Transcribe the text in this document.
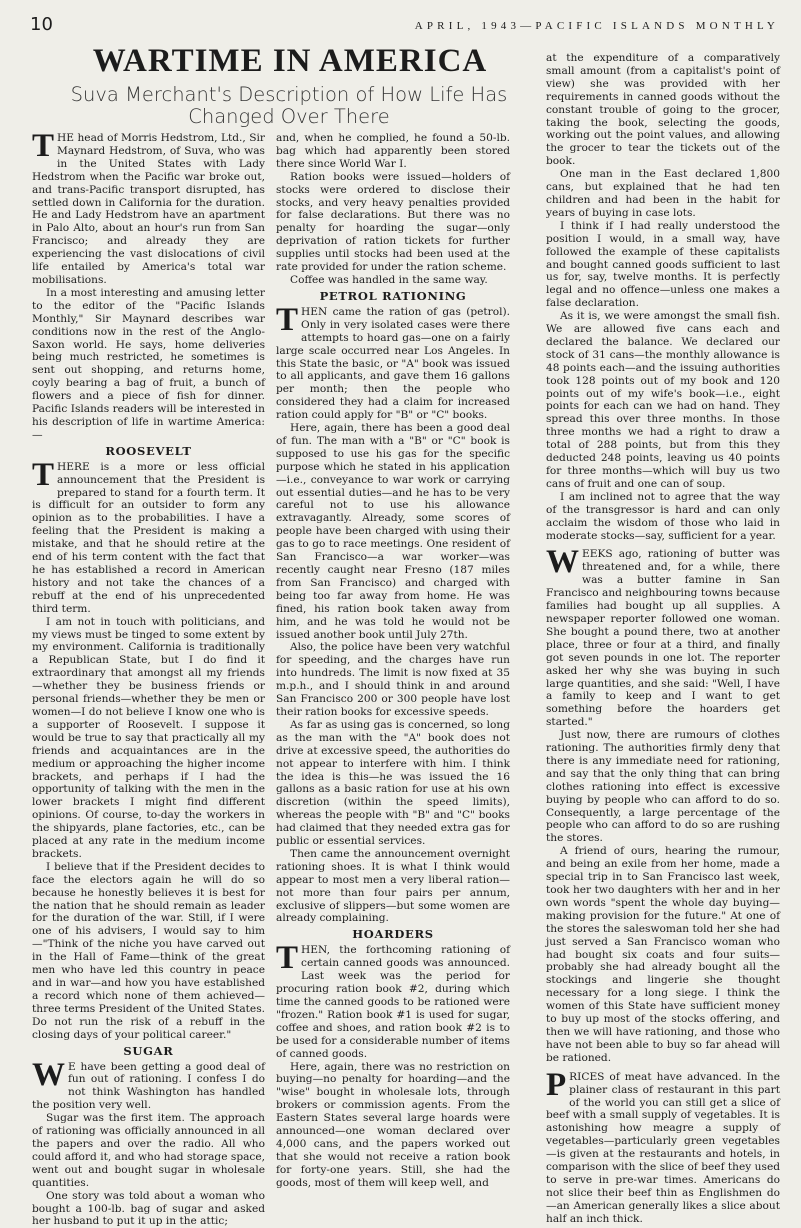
10	APRIL, 1943—PACIFIC ISLANDS MONTHLY
WARTIME IN AMERICA
Suva Merchant's Description of How Life Has Changed Over There

THE head of Morris Hedstrom, Ltd., Sir Maynard Hedstrom, of Suva, who was in the United States with Lady Hedstrom when the Pacific war broke out, and trans-Pacific transport disrupted, has settled down in California for the duration. He and Lady Hedstrom have an apartment in Palo Alto, about an hour's run from San Francisco; and already they are experiencing the vast dislocations of civil life entailed by America's total war mobilisations.

In a most interesting and amusing letter to the editor of the "Pacific Islands Monthly," Sir Maynard describes war conditions now in the rest of the Anglo-Saxon world. He says, home deliveries being much restricted, he sometimes is sent out shopping, and returns home, coyly bearing a bag of fruit, a bunch of flowers and a piece of fish for dinner. Pacific Islands readers will be interested in his description of life in wartime America:—

ROOSEVELT

THERE is a more or less official announcement that the President is prepared to stand for a fourth term. It is difficult for an outsider to form any opinion as to the probabilities. I have a feeling that the President is making a mistake, and that he should retire at the end of his term content with the fact that he has established a record in American history and not take the chances of a rebuff at the end of his unprecedented third term.

I am not in touch with politicians, and my views must be tinged to some extent by my environment. California is traditionally a Republican State, but I do find it extraordinary that amongst all my friends—whether they be business friends or personal friends—whether they be men or women—I do not believe I know one who is a supporter of Roosevelt. I suppose it would be true to say that practically all my friends and acquaintances are in the medium or approaching the higher income brackets, and perhaps if I had the opportunity of talking with the men in the lower brackets I might find different opinions. Of course, to-day the workers in the shipyards, plane factories, etc., can be placed at any rate in the medium income brackets.

I believe that if the President decides to face the electors again he will do so because he honestly believes it is best for the nation that he should remain as leader for the duration of the war. Still, if I were one of his advisers, I would say to him—"Think of the niche you have carved out in the Hall of Fame—think of the great men who have led this country in peace and in war—and how you have established a record which none of them achieved—three terms President of the United States. Do not run the risk of a rebuff in the closing days of your political career."

SUGAR

W E have been getting a good deal of fun out of rationing. I confess I do not think Washington has handled the position very well.

Sugar was the first item. The approach of rationing was officially announced in all the papers and over the radio. All who could afford it, and who had storage space, went out and bought sugar in wholesale quantities.

One story was told about a woman who bought a 100-lb. bag of sugar and asked her husband to put it up in the attic;

and, when he complied, he found a 50-lb. bag which had apparently been stored there since World War I.

Ration books were issued—holders of stocks were ordered to disclose their stocks, and very heavy penalties provided for false declarations. But there was no penalty for hoarding the sugar—only deprivation of ration tickets for further supplies until stocks had been used at the rate provided for under the ration scheme.

Coffee was handled in the same way.

PETROL RATIONING

THEN came the ration of gas (petrol). Only in very isolated cases were there attempts to hoard gas—one on a fairly large scale occurred near Los Angeles. In this State the basic, or "A" book was issued to all applicants, and gave them 16 gallons per month; then the people who considered they had a claim for increased ration could apply for "B" or "C" books.

Here, again, there has been a good deal of fun. The man with a "B" or "C" book is supposed to use his gas for the specific purpose which he stated in his application—i.e., conveyance to war work or carrying out essential duties—and he has to be very careful not to use his allowance extravagantly. Already, some scores of people have been charged with using their gas to go to race meetings. One resident of San Francisco—a war worker—was recently caught near Fresno (187 miles from San Francisco) and charged with being too far away from home. He was fined, his ration book taken away from him, and he was told he would not be issued another book until July 27th.

Also, the police have been very watchful for speeding, and the charges have run into hundreds. The limit is now fixed at 35 m.p.h., and I should think in and around San Francisco 200 or 300 people have lost their ration books for excessive speeds.

As far as using gas is concerned, so long as the man with the "A" book does not drive at excessive speed, the authorities do not appear to interfere with him. I think the idea is this—he was issued the 16 gallons as a basic ration for use at his own discretion (within the speed limits), whereas the people with "B" and "C" books had claimed that they needed extra gas for public or essential services.

Then came the announcement overnight rationing shoes. It is what I think would appear to most men a very liberal ration—not more than four pairs per annum, exclusive of slippers—but some women are already complaining.

HOARDERS

THEN, the forthcoming rationing of certain canned goods was announced. Last week was the period for procuring ration book #2, during which time the canned goods to be rationed were "frozen." Ration book #1 is used for sugar, coffee and shoes, and ration book #2 is to be used for a considerable number of items of canned goods.

Here, again, there was no restriction on buying—no penalty for hoarding—and the "wise" bought in wholesale lots, through brokers or commission agents. From the Eastern States several large hoards were announced—one woman declared over 4,000 cans, and the papers worked out that she would not receive a ration book for forty-one years. Still, she had the goods, most of them will keep well, and

at the expenditure of a comparatively small amount (from a capitalist's point of view) she was provided with her requirements in canned goods without the constant trouble of going to the grocer, taking the book, selecting the goods, working out the point values, and allowing the grocer to tear the tickets out of the book.

One man in the East declared 1,800 cans, but explained that he had ten children and had been in the habit for years of buying in case lots.

I think if I had really understood the position I would, in a small way, have followed the example of these capitalists and bought canned goods sufficient to last us for, say, twelve months. It is perfectly legal and no offence—unless one makes a false declaration.

As it is, we were amongst the small fish. We are allowed five cans each and declared the balance. We declared our stock of 31 cans—the monthly allowance is 48 points each—and the issuing authorities took 128 points out of my book and 120 points out of my wife's book—i.e., eight points for each can we had on hand. They spread this over three months. In those three months we had a right to draw a total of 288 points, but from this they deducted 248 points, leaving us 40 points for three months—which will buy us two cans of fruit and one can of soup.

I am inclined not to agree that the way of the transgressor is hard and can only acclaim the wisdom of those who laid in moderate stocks—say, sufficient for a year.

WEEKS ago, rationing of butter was threatened and, for a while, there was a butter famine in San Francisco and neighbouring towns because families had bought up all supplies. A newspaper reporter followed one woman. She bought a pound there, two at another place, three or four at a third, and finally got seven pounds in one lot. The reporter asked her why she was buying in such large quantities, and she said: "Well, I have a family to keep and I want to get something before the hoarders get started."

Just now, there are rumours of clothes rationing. The authorities firmly deny that there is any immediate need for rationing, and say that the only thing that can bring clothes rationing into effect is excessive buying by people who can afford to do so. Consequently, a large percentage of the people who can afford to do so are rushing the stores.

A friend of ours, hearing the rumour, and being an exile from her home, made a special trip in to San Francisco last week, took her two daughters with her and in her own words "spent the whole day buying—making provision for the future." At one of the stores the saleswoman told her she had just served a San Francisco woman who had bought six coats and four suits—probably she had already bought all the stockings and lingerie she thought necessary for a long siege. I think the women of this State have sufficient money to buy up most of the stocks offering, and then we will have rationing, and those who have not been able to buy so far ahead will be rationed.

PRICES of meat have advanced. In the plainer class of restaurant in this part of the world you can still get a slice of beef with a small supply of vegetables. It is astonishing how meagre a supply of vegetables—particularly green vegetables—is given at the restaurants and hotels, in comparison with the slice of beef they used to serve in pre-war times. Americans do not slice their beef thin as Englishmen do—an American generally likes a slice about half an inch thick.
